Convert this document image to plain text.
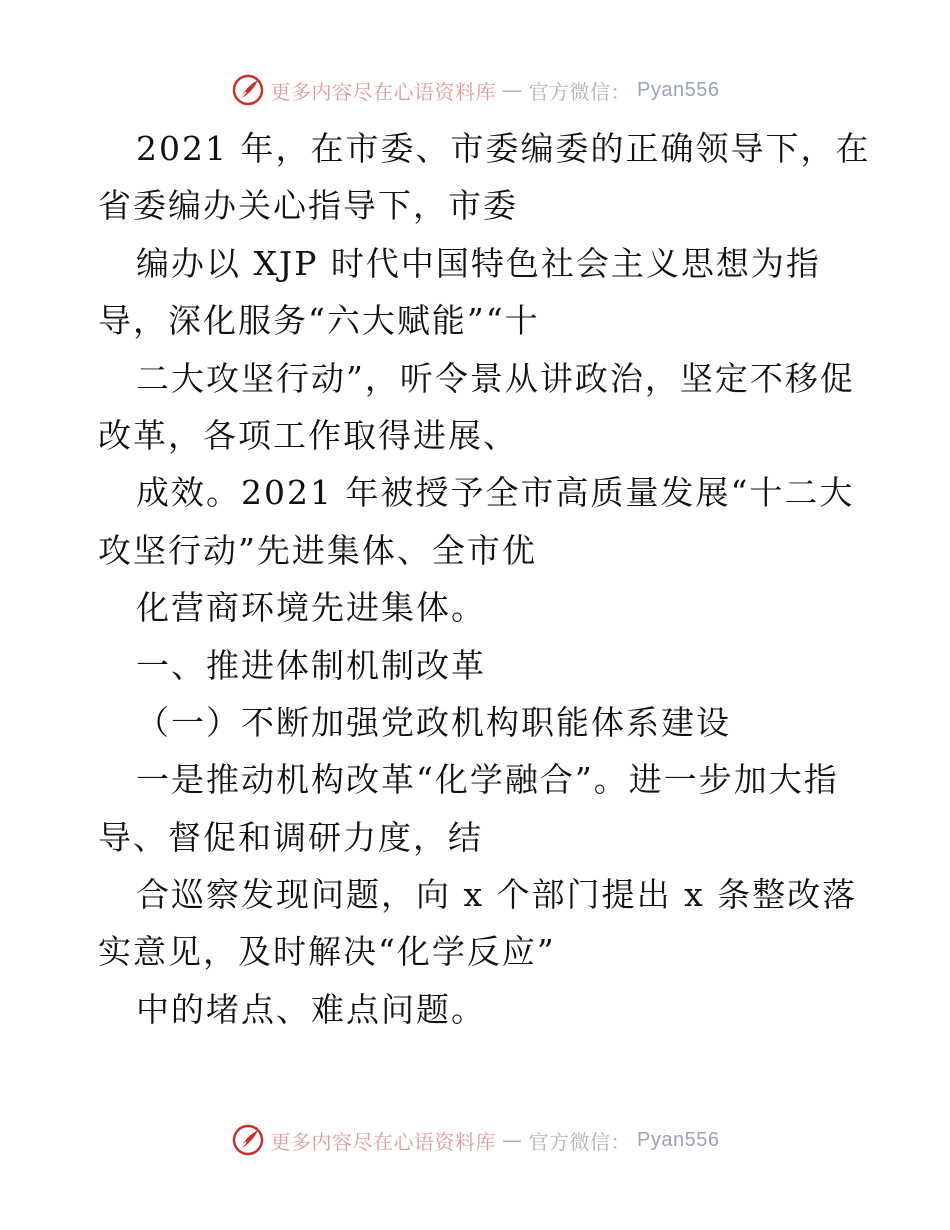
更多内容尽在心语资料库 — 官方微信： Pyan556
2021 年，在市委、市委编委的正确领导下，在
省委编办关心指导下，市委
编办以 XJP 时代中国特色社会主义思想为指
导，深化服务“六大赋能”“十
二大攻坚行动”，听令景从讲政治，坚定不移促
改革，各项工作取得进展、
成效。2021 年被授予全市高质量发展“十二大
攻坚行动”先进集体、全市优
化营商环境先进集体。
一、推进体制机制改革
（一）不断加强党政机构职能体系建设
一是推动机构改革“化学融合”。进一步加大指
导、督促和调研力度，结
合巡察发现问题，向 x 个部门提出 x 条整改落
实意见，及时解决“化学反应”
中的堵点、难点问题。
更多内容尽在心语资料库 — 官方微信： Pyan556
